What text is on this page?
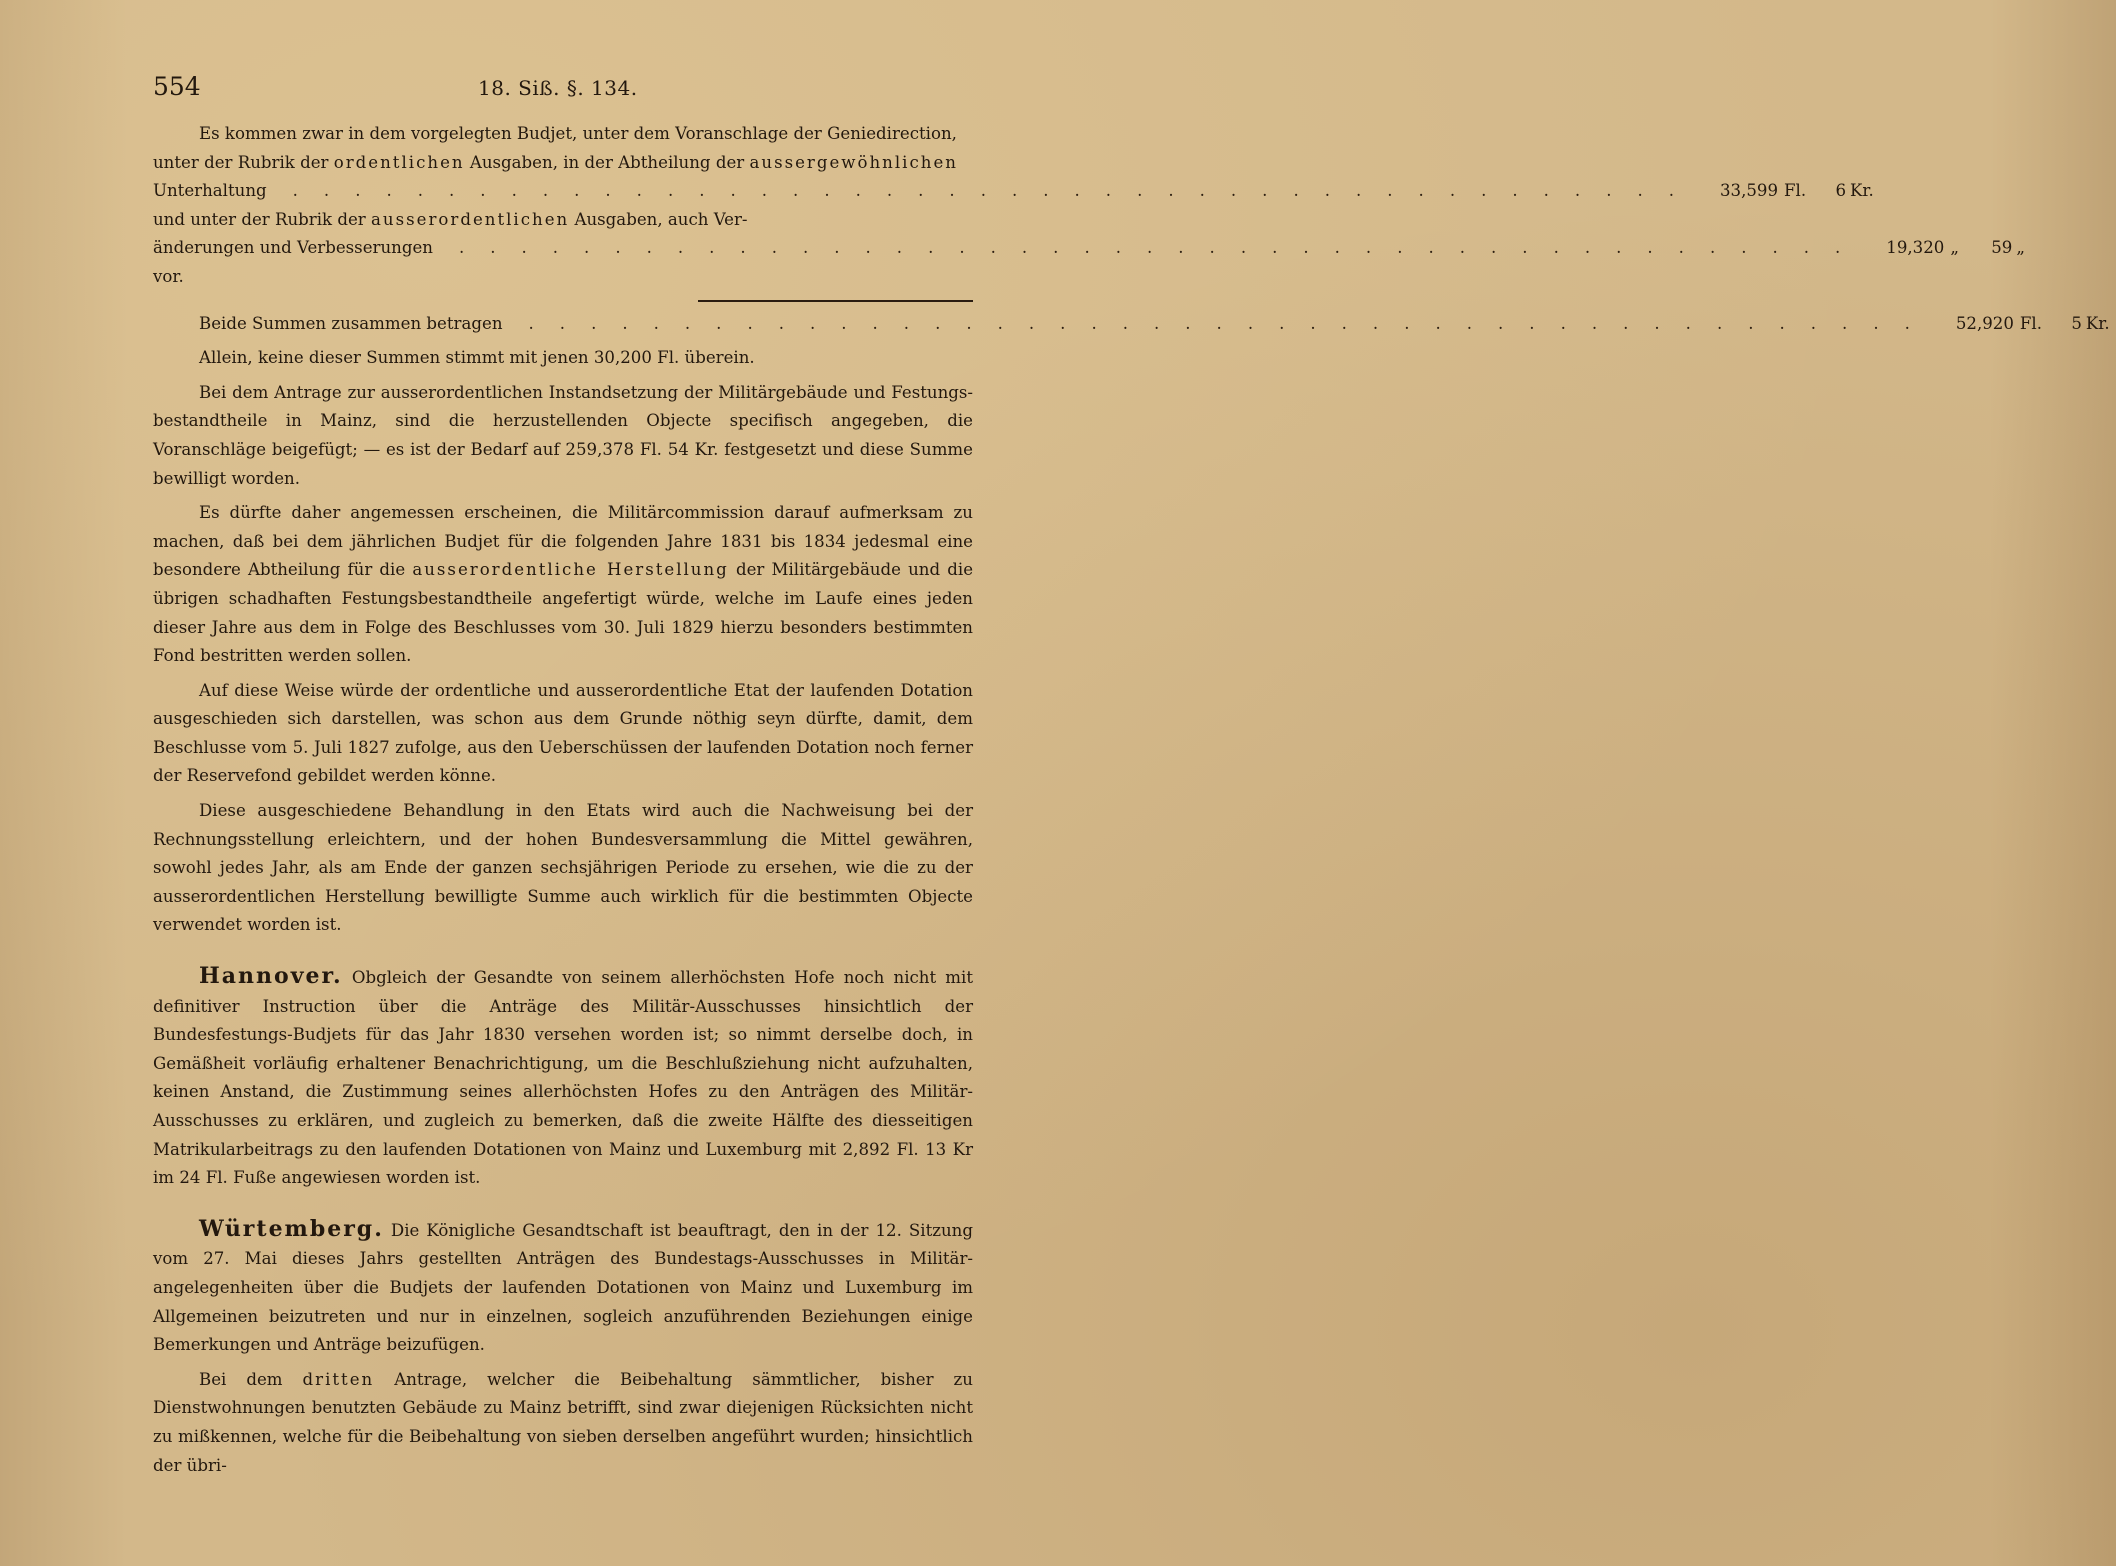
554	18. Siß. §. 134.

Es kommen zwar in dem vorgelegten Budjet, unter dem Voranschlage der Geniedirection,

unter der Rubrik der ordentlichen Ausgaben, in der Abtheilung der aussergewöhnlichen

Unterhaltung	.............................................	33,599 Fl. 6 Kr.

und unter der Rubrik der ausserordentlichen Ausgaben, auch Ver-

änderungen und Verbesserungen	.............................................	19,320 „ 59 „

vor.

Beide Summen zusammen betragen	.............................................	52,920 Fl. 5 Kr.

Allein, keine dieser Summen stimmt mit jenen 30,200 Fl. überein.

Bei dem Antrage zur ausserordentlichen Instandsetzung der Militärgebäude und Festungs-bestandtheile in Mainz, sind die herzustellenden Objecte specifisch angegeben, die Voranschläge beigefügt; — es ist der Bedarf auf 259,378 Fl. 54 Kr. festgesetzt und diese Summe bewilligt worden.

Es dürfte daher angemessen erscheinen, die Militärcommission darauf aufmerksam zu machen, daß bei dem jährlichen Budjet für die folgenden Jahre 1831 bis 1834 jedesmal eine besondere Abtheilung für die ausserordentliche Herstellung der Militärgebäude und die übrigen schadhaften Festungsbestandtheile angefertigt würde, welche im Laufe eines jeden dieser Jahre aus dem in Folge des Beschlusses vom 30. Juli 1829 hierzu besonders bestimmten Fond bestritten werden sollen.

Auf diese Weise würde der ordentliche und ausserordentliche Etat der laufenden Dotation ausgeschieden sich darstellen, was schon aus dem Grunde nöthig seyn dürfte, damit, dem Beschlusse vom 5. Juli 1827 zufolge, aus den Ueberschüssen der laufenden Dotation noch ferner der Reservefond gebildet werden könne.

Diese ausgeschiedene Behandlung in den Etats wird auch die Nachweisung bei der Rechnungsstellung erleichtern, und der hohen Bundesversammlung die Mittel gewähren, sowohl jedes Jahr, als am Ende der ganzen sechsjährigen Periode zu ersehen, wie die zu der ausserordentlichen Herstellung bewilligte Summe auch wirklich für die bestimmten Objecte verwendet worden ist.

Hannover. Obgleich der Gesandte von seinem allerhöchsten Hofe noch nicht mit definitiver Instruction über die Anträge des Militär-Ausschusses hinsichtlich der Bundesfestungs-Budjets für das Jahr 1830 versehen worden ist; so nimmt derselbe doch, in Gemäßheit vorläufig erhaltener Benachrichtigung, um die Beschlußziehung nicht aufzuhalten, keinen Anstand, die Zustimmung seines allerhöchsten Hofes zu den Anträgen des Militär-Ausschusses zu erklären, und zugleich zu bemerken, daß die zweite Hälfte des diesseitigen Matrikularbeitrags zu den laufenden Dotationen von Mainz und Luxemburg mit 2,892 Fl. 13 Kr im 24 Fl. Fuße angewiesen worden ist.

Würtemberg. Die Königliche Gesandtschaft ist beauftragt, den in der 12. Sitzung vom 27. Mai dieses Jahrs gestellten Anträgen des Bundestags-Ausschusses in Militär-angelegenheiten über die Budjets der laufenden Dotationen von Mainz und Luxemburg im Allgemeinen beizutreten und nur in einzelnen, sogleich anzuführenden Beziehungen einige Bemerkungen und Anträge beizufügen.

Bei dem dritten Antrage, welcher die Beibehaltung sämmtlicher, bisher zu Dienstwohnungen benutzten Gebäude zu Mainz betrifft, sind zwar diejenigen Rücksichten nicht zu mißkennen, welche für die Beibehaltung von sieben derselben angeführt wurden; hinsichtlich der übri-
